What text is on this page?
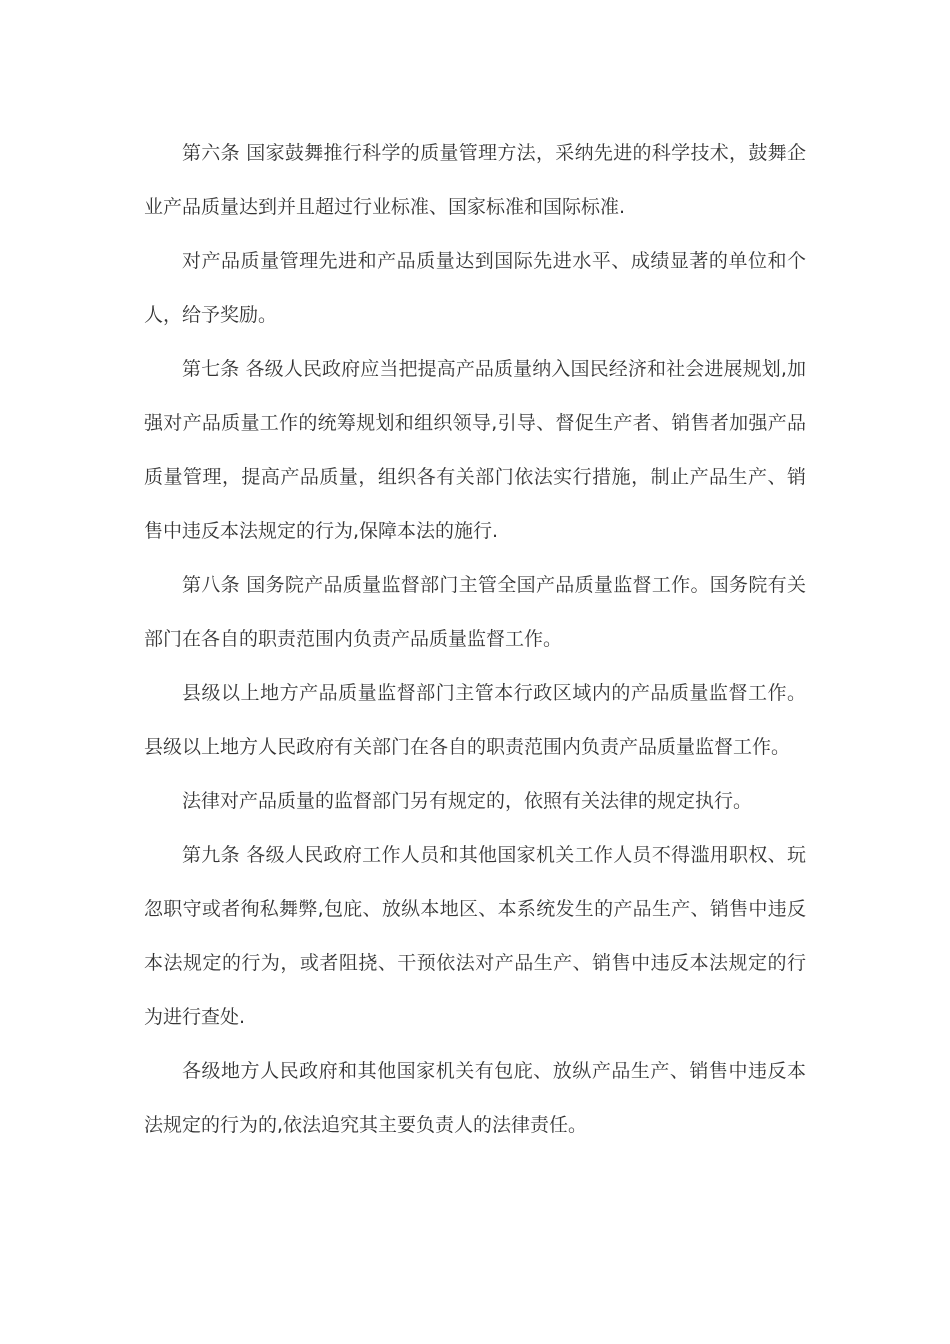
第六条 国家鼓舞推行科学的质量管理方法，采纳先进的科学技术，鼓舞企业产品质量达到并且超过行业标准、国家标准和国际标准.

对产品质量管理先进和产品质量达到国际先进水平、成绩显著的单位和个人，给予奖励。

第七条 各级人民政府应当把提高产品质量纳入国民经济和社会进展规划,加强对产品质量工作的统筹规划和组织领导,引导、督促生产者、销售者加强产品质量管理，提高产品质量，组织各有关部门依法实行措施，制止产品生产、销售中违反本法规定的行为,保障本法的施行.

第八条 国务院产品质量监督部门主管全国产品质量监督工作。国务院有关部门在各自的职责范围内负责产品质量监督工作。

县级以上地方产品质量监督部门主管本行政区域内的产品质量监督工作。县级以上地方人民政府有关部门在各自的职责范围内负责产品质量监督工作。

法律对产品质量的监督部门另有规定的，依照有关法律的规定执行。

第九条 各级人民政府工作人员和其他国家机关工作人员不得滥用职权、玩忽职守或者徇私舞弊,包庇、放纵本地区、本系统发生的产品生产、销售中违反本法规定的行为，或者阻挠、干预依法对产品生产、销售中违反本法规定的行为进行查处.

各级地方人民政府和其他国家机关有包庇、放纵产品生产、销售中违反本法规定的行为的,依法追究其主要负责人的法律责任。
